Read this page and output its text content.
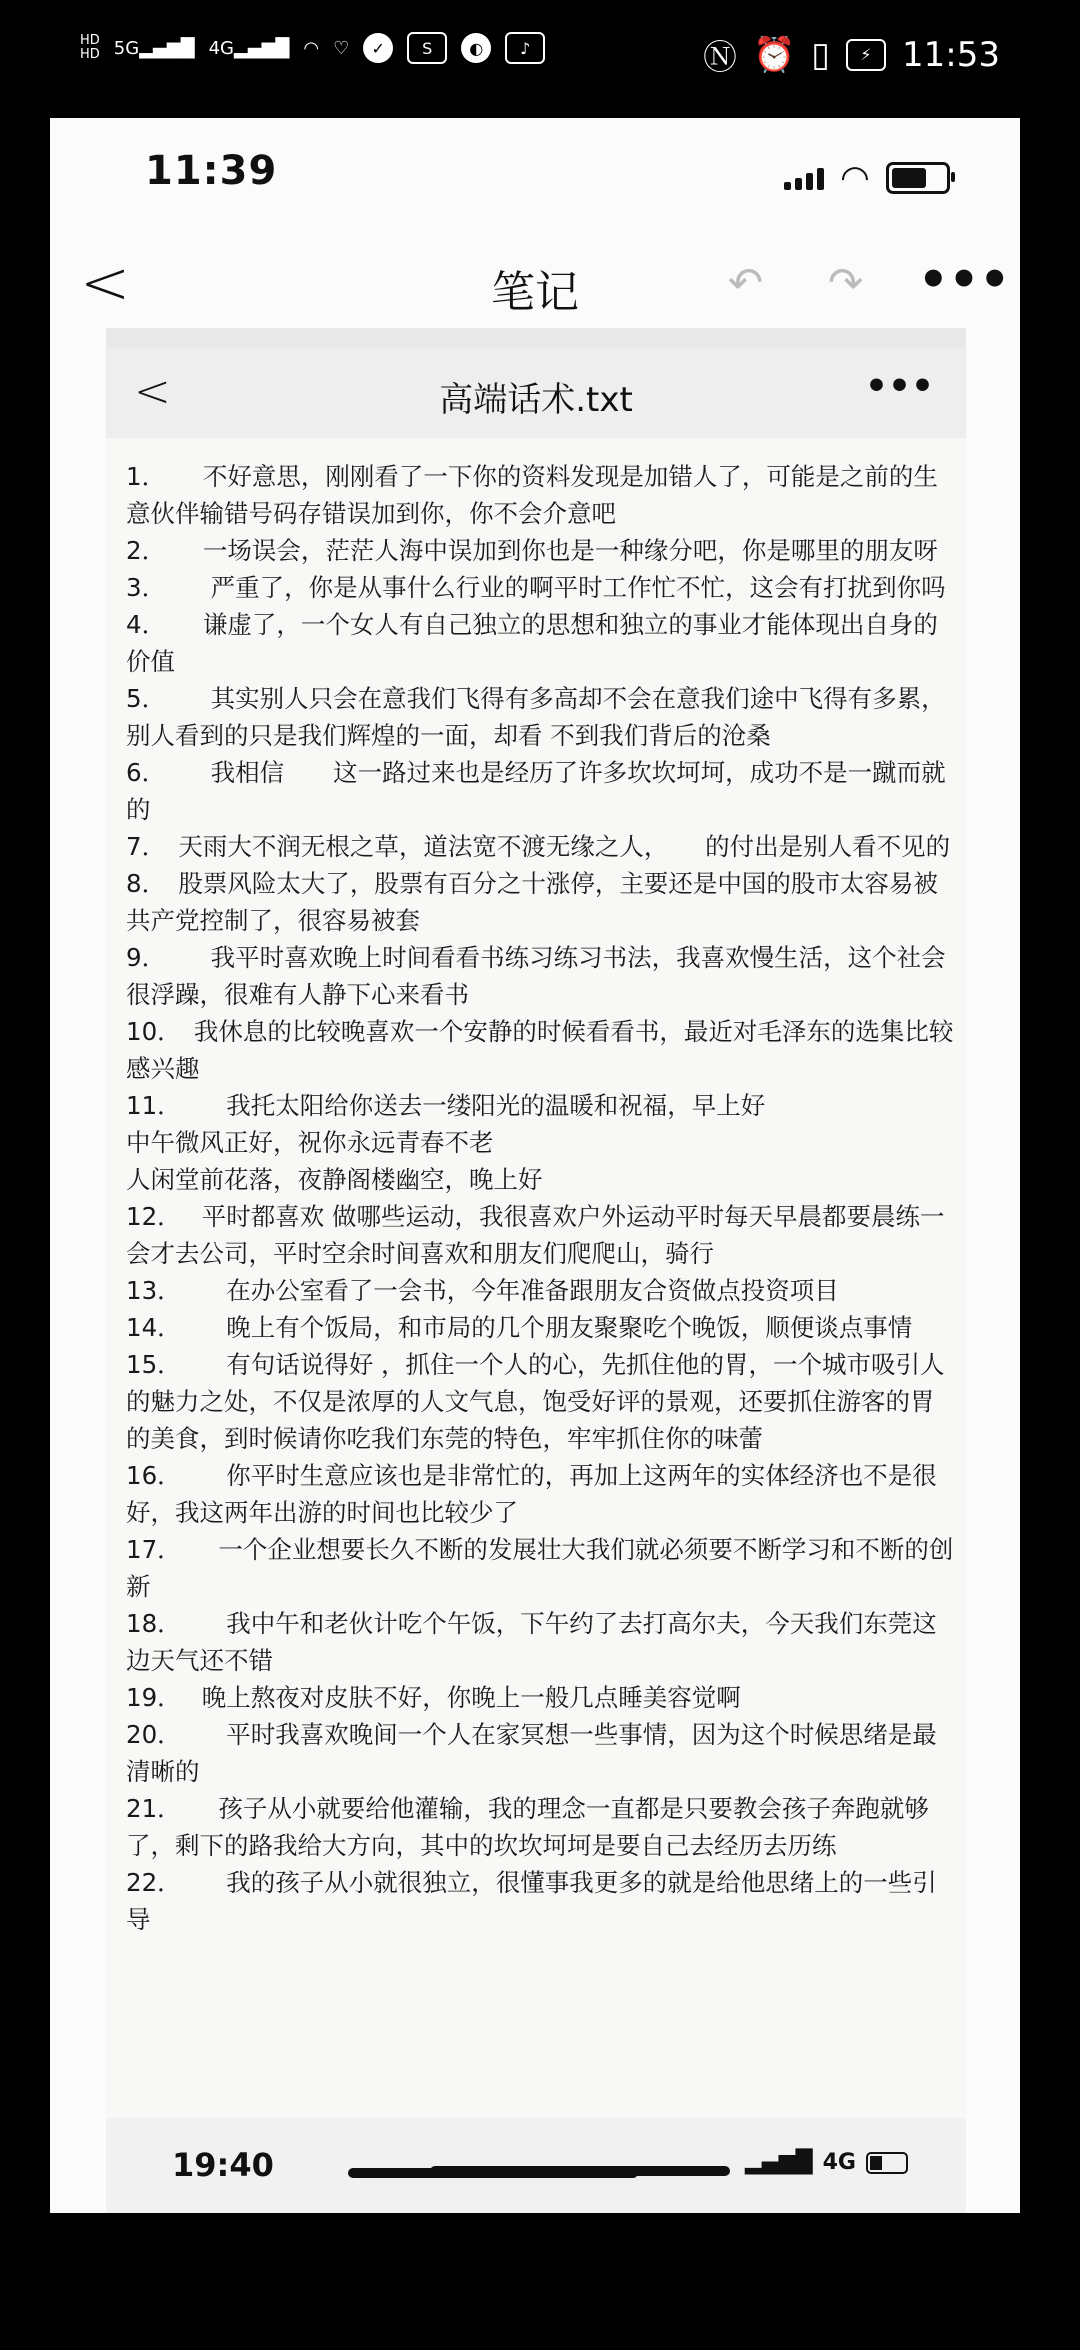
HD
HD 5G▂▄▆█ 4G▂▄▆█ ◠ ♡	✓	S	◐	♪	Ⓝ ⏰ ▯	⚡ 11:53
11:39	◠
<	笔记	↶ ↷ •••
<	高端话术.txt	•••

1．　　不好意思，刚刚看了一下你的资料发现是加错人了，可能是之前的生意伙伴输错号码存错误加到你，你不会介意吧

2．　　一场误会，茫茫人海中误加到你也是一种缘分吧，你是哪里的朋友呀

3．　　 严重了，你是从事什么行业的啊平时工作忙不忙，这会有打扰到你吗

4．　　谦虚了，一个女人有自己独立的思想和独立的事业才能体现出自身的价值

5．　　 其实别人只会在意我们飞得有多高却不会在意我们途中飞得有多累，别人看到的只是我们辉煌的一面，却看 不到我们背后的沧桑

6．　　 我相信　　这一路过来也是经历了许多坎坎坷坷，成功不是一蹴而就的

7．　天雨大不润无根之草，道法宽不渡无缘之人，　　的付出是别人看不见的

8．　股票风险太大了，股票有百分之十涨停，主要还是中国的股市太容易被共产党控制了，很容易被套

9．　　 我平时喜欢晚上时间看看书练习练习书法，我喜欢慢生活，这个社会很浮躁，很难有人静下心来看书

10．　我休息的比较晚喜欢一个安静的时候看看书，最近对毛泽东的选集比较感兴趣

11．　　 我托太阳给你送去一缕阳光的温暖和祝福，早上好

中午微风正好，祝你永远青春不老

人闲堂前花落，夜静阁楼幽空，晚上好

12．　 平时都喜欢 做哪些运动，我很喜欢户外运动平时每天早晨都要晨练一会才去公司，平时空余时间喜欢和朋友们爬爬山，骑行

13．　　 在办公室看了一会书，今年准备跟朋友合资做点投资项目

14．　　 晚上有个饭局，和市局的几个朋友聚聚吃个晚饭，顺便谈点事情

15．　　 有句话说得好 ，抓住一个人的心，先抓住他的胃，一个城市吸引人的魅力之处，不仅是浓厚的人文气息，饱受好评的景观，还要抓住游客的胃的美食，到时候请你吃我们东莞的特色，牢牢抓住你的味蕾

16．　　 你平时生意应该也是非常忙的，再加上这两年的实体经济也不是很好，我这两年出游的时间也比较少了

17．　　一个企业想要长久不断的发展壮大我们就必须要不断学习和不断的创新

18．　　 我中午和老伙计吃个午饭，下午约了去打高尔夫，今天我们东莞这边天气还不错

19．　 晚上熬夜对皮肤不好，你晚上一般几点睡美容觉啊

20．　　 平时我喜欢晚间一个人在家冥想一些事情，因为这个时候思绪是最清晰的

21．　　孩子从小就要给他灌输，我的理念一直都是只要教会孩子奔跑就够了，剩下的路我给大方向，其中的坎坎坷坷是要自己去经历去历练

22．　　 我的孩子从小就很独立，很懂事我更多的就是给他思绪上的一些引导

19:40	▂▄▆█ 4G
